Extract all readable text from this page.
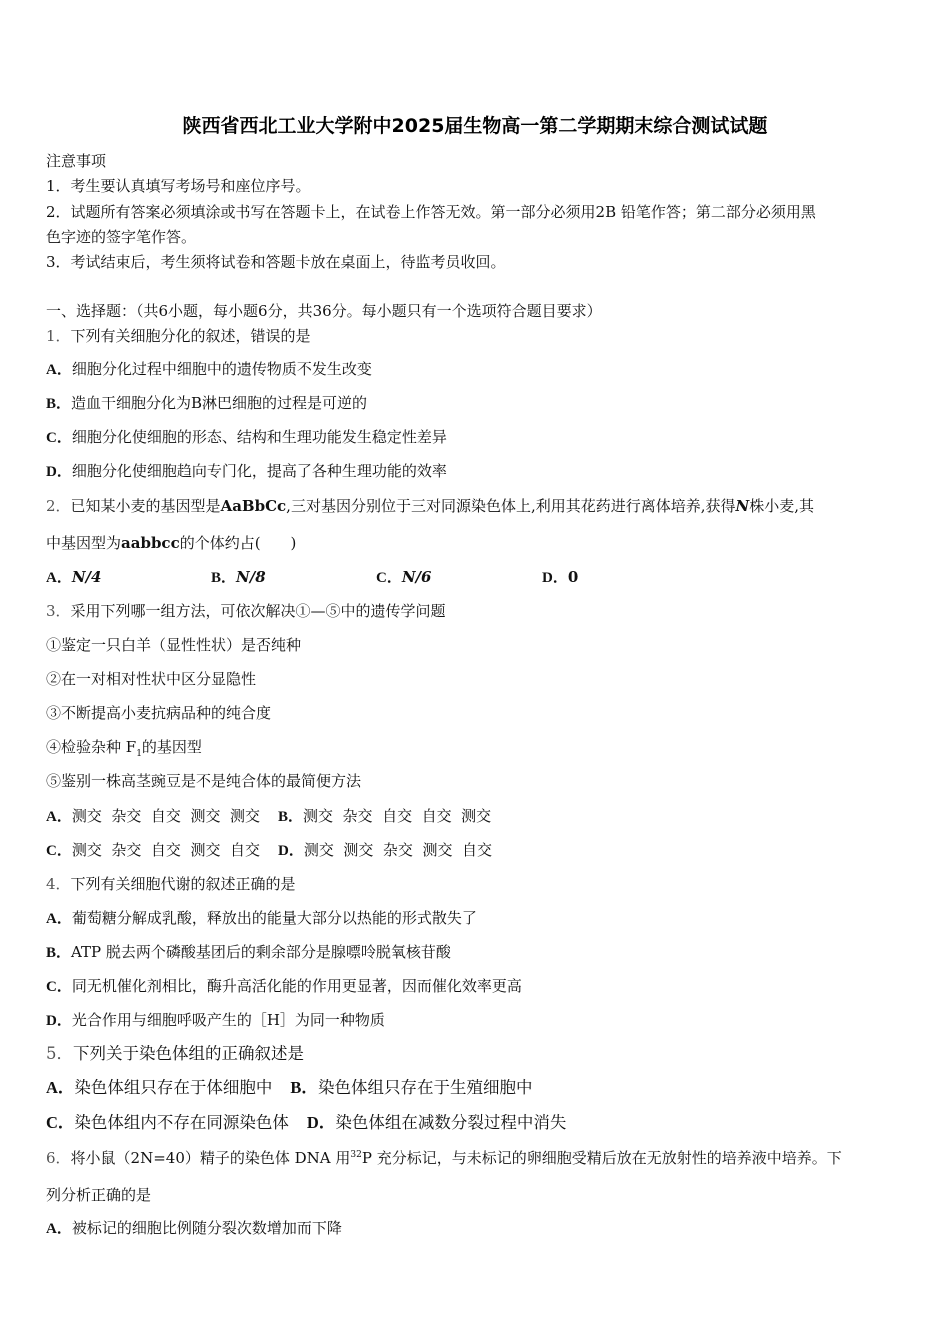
陕西省西北工业大学附中2025届生物高一第二学期期末综合测试试题
注意事项
1．考生要认真填写考场号和座位序号。
2．试题所有答案必须填涂或书写在答题卡上，在试卷上作答无效。第一部分必须用2B 铅笔作答；第二部分必须用黑
色字迹的签字笔作答。
3．考试结束后，考生须将试卷和答题卡放在桌面上，待监考员收回。
一、选择题：（共6小题，每小题6分，共36分。每小题只有一个选项符合题目要求）
1．下列有关细胞分化的叙述，错误的是
A．细胞分化过程中细胞中的遗传物质不发生改变
B．造血干细胞分化为B淋巴细胞的过程是可逆的
C．细胞分化使细胞的形态、结构和生理功能发生稳定性差异
D．细胞分化使细胞趋向专门化，提高了各种生理功能的效率
2．已知某小麦的基因型是AaBbCc,三对基因分别位于三对同源染色体上,利用其花药进行离体培养,获得N株小麦,其
中基因型为aabbcc的个体约占(　　)
A．N/4	B．N/8	C．N/6	D．0
3．采用下列哪一组方法，可依次解决①—⑤中的遗传学问题
①鉴定一只白羊（显性性状）是否纯种
②在一对相对性状中区分显隐性
③不断提高小麦抗病品种的纯合度
④检验杂种 $F_1$的基因型
⑤鉴别一株高茎豌豆是不是纯合体的最简便方法
A．测交  杂交  自交  测交  测交 B．测交  杂交  自交  自交  测交
C．测交  杂交  自交  测交  自交 D．测交  测交  杂交  测交  自交
4．下列有关细胞代谢的叙述正确的是
A．葡萄糖分解成乳酸，释放出的能量大部分以热能的形式散失了
B．ATP 脱去两个磷酸基团后的剩余部分是腺嘌呤脱氧核苷酸
C．同无机催化剂相比，酶升高活化能的作用更显著，因而催化效率更高
D．光合作用与细胞呼吸产生的［H］为同一种物质
5．下列关于染色体组的正确叙述是
A．染色体组只存在于体细胞中 B．染色体组只存在于生殖细胞中
C．染色体组内不存在同源染色体 D．染色体组在减数分裂过程中消失
6．将小鼠（2N=40）精子的染色体 DNA 用$^{32}$P 充分标记，与未标记的卵细胞受精后放在无放射性的培养液中培养。下
列分析正确的是
A．被标记的细胞比例随分裂次数增加而下降
